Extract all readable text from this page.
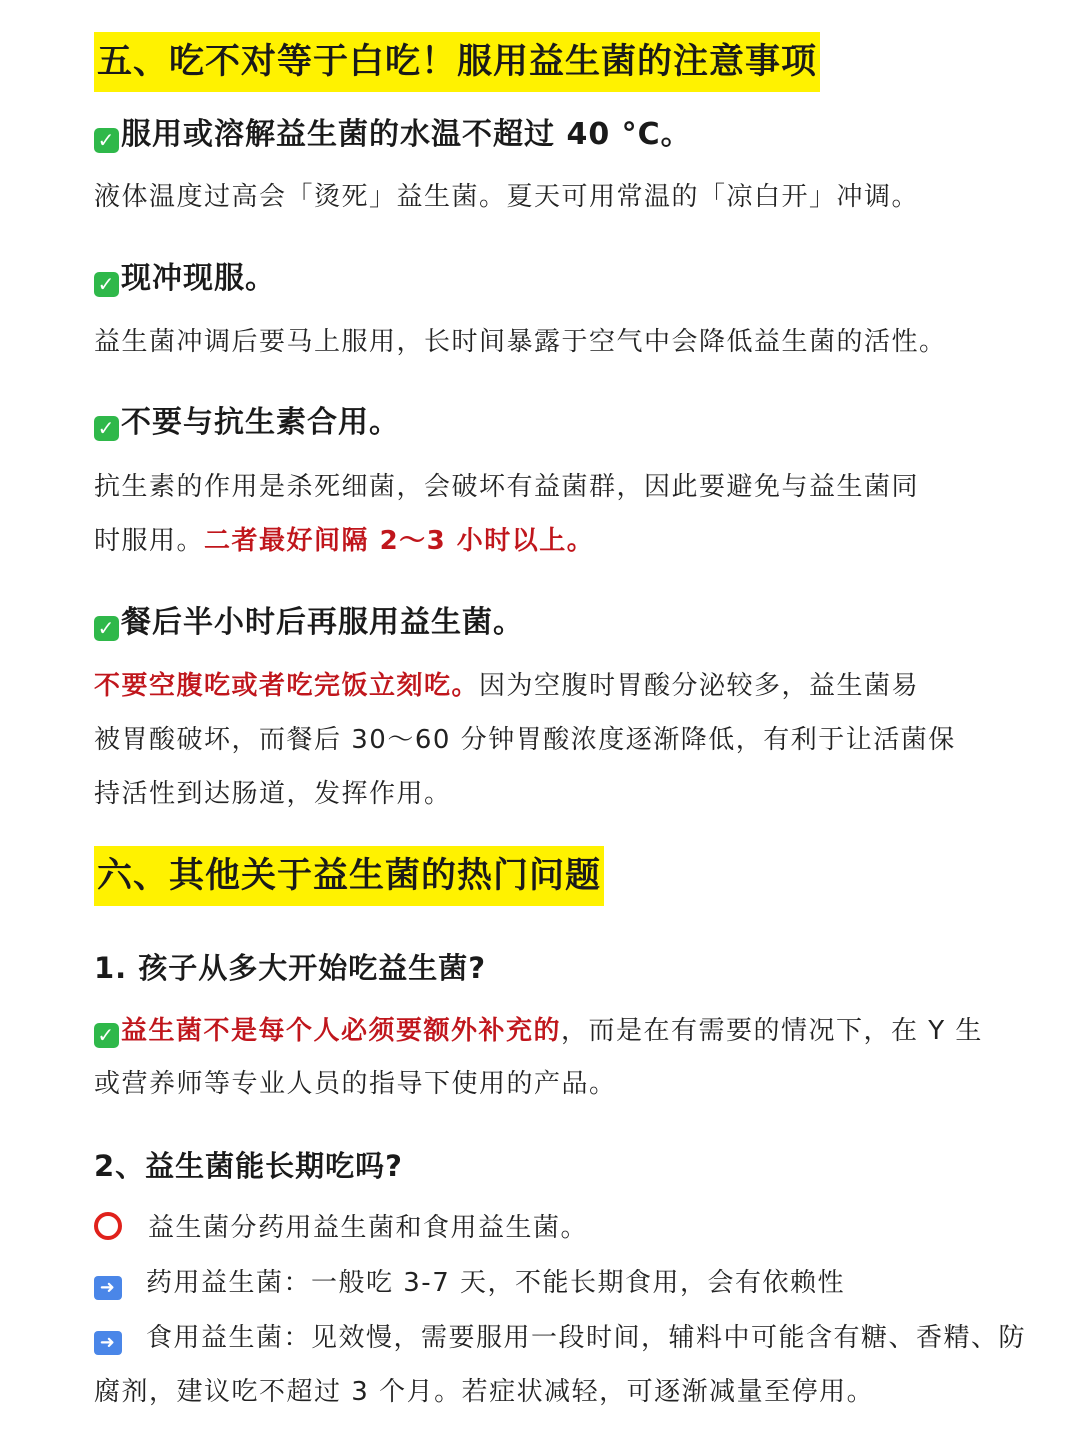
五、吃不对等于白吃！服用益生菌的注意事项
✓ 服用或溶解益生菌的水温不超过 40 °C。
液体温度过高会「烫死」益生菌。夏天可用常温的「凉白开」冲调。
✓ 现冲现服。
益生菌冲调后要马上服用，长时间暴露于空气中会降低益生菌的活性。
✓ 不要与抗生素合用。
抗生素的作用是杀死细菌，会破坏有益菌群，因此要避免与益生菌同
时服用。二者最好间隔 2～3 小时以上。
✓ 餐后半小时后再服用益生菌。
不要空腹吃或者吃完饭立刻吃。因为空腹时胃酸分泌较多，益生菌易
被胃酸破坏，而餐后 30～60 分钟胃酸浓度逐渐降低，有利于让活菌保
持活性到达肠道，发挥作用。
六、其他关于益生菌的热门问题
1. 孩子从多大开始吃益生菌?
✓ 益生菌不是每个人必须要额外补充的，而是在有需要的情况下，在 Y 生
或营养师等专业人员的指导下使用的产品。
2、益生菌能长期吃吗?
益生菌分药用益生菌和食用益生菌。
➜ 药用益生菌：一般吃 3-7 天，不能长期食用，会有依赖性
➜ 食用益生菌：见效慢，需要服用一段时间，辅料中可能含有糖、香精、防
腐剂，建议吃不超过 3 个月。若症状减轻，可逐渐减量至停用。
